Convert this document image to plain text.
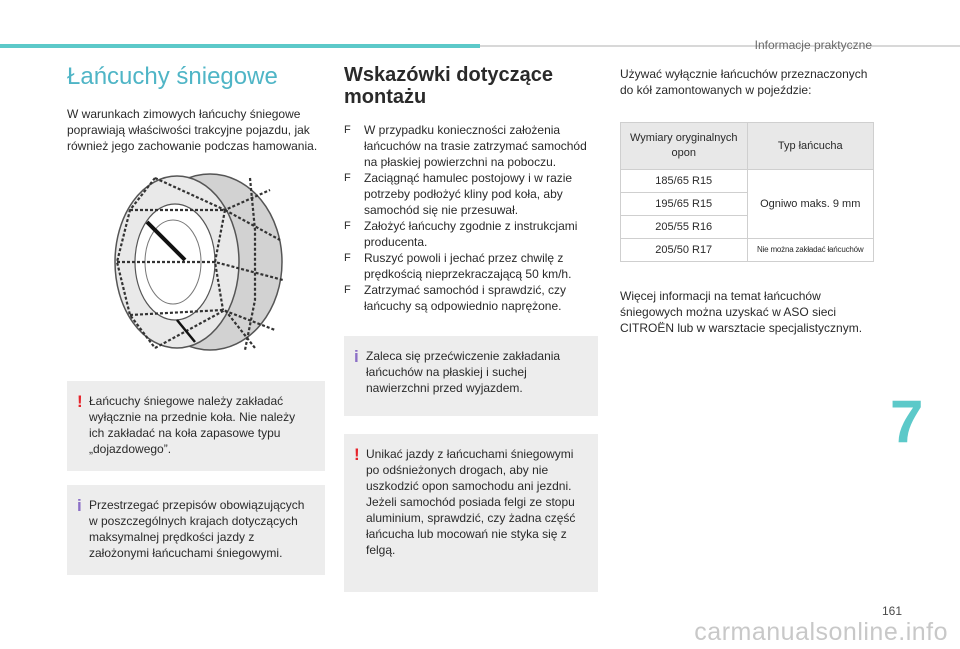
Informacje praktyczne
Łańcuchy śniegowe

W warunkach zimowych łańcuchy śniegowe poprawiają właściwości trakcyjne pojazdu, jak również jego zachowanie podczas hamowania.

! Łańcuchy śniegowe należy zakładać wyłącznie na przednie koła. Nie należy ich zakładać na koła zapasowe typu „dojazdowego”.
i Przestrzegać przepisów obowiązujących w poszczególnych krajach dotyczących maksymalnej prędkości jazdy z założonymi łańcuchami śniegowymi.
Wskazówki dotyczące
montażu
F W przypadku konieczności założenia łańcuchów na trasie zatrzymać samochód na płaskiej powierzchni na poboczu.
F Zaciągnąć hamulec postojowy i w razie potrzeby podłożyć kliny pod koła, aby samochód się nie przesuwał.
F Założyć łańcuchy zgodnie z instrukcjami producenta.
F Ruszyć powoli i jechać przez chwilę z prędkością nieprzekraczającą 50 km/h.
F Zatrzymać samochód i sprawdzić, czy łańcuchy są odpowiednio naprężone.
i Zaleca się przećwiczenie zakładania łańcuchów na płaskiej i suchej nawierzchni przed wyjazdem.
! Unikać jazdy z łańcuchami śniegowymi po odśnieżonych drogach, aby nie uszkodzić opon samochodu ani jezdni. Jeżeli samochód posiada felgi ze stopu aluminium, sprawdzić, czy żadna część łańcucha lub mocowań nie styka się z felgą.

Używać wyłącznie łańcuchów przeznaczonych do kół zamontowanych w pojeździe:

Wymiary oryginalnych opon	Typ łańcucha
185/65 R15	Ogniwo maks. 9 mm
195/65 R15	
205/55 R16	
205/50 R17	Nie można zakładać łańcuchów

Więcej informacji na temat łańcuchów śniegowych można uzyskać w ASO sieci CITROËN lub w warsztacie specjalistycznym.

7
161
carmanualsonline.info
